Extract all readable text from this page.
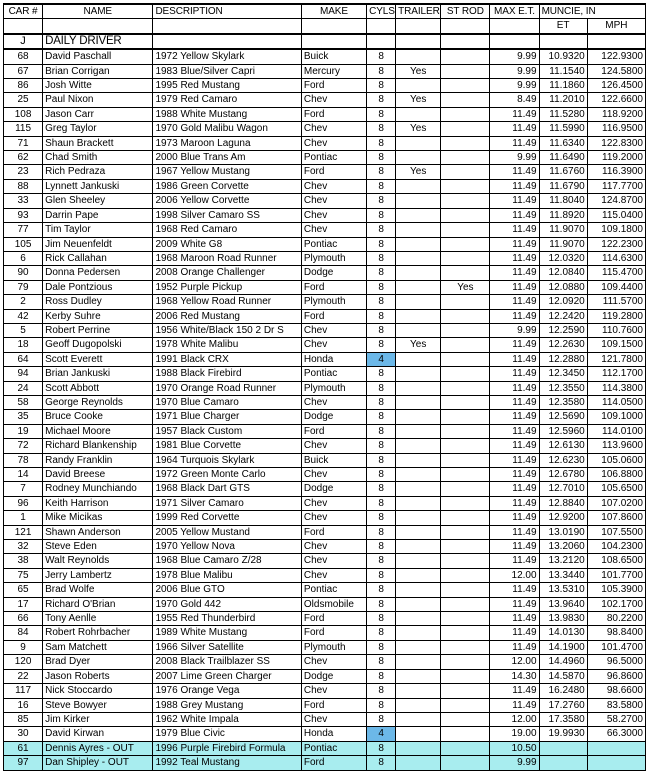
CAR #	NAME	DESCRIPTION	MAKE	CYLS	TRAILER	ST ROD	MAX E.T.	MUNCIE, IN	
								ET	MPH
J	DAILY DRIVER								
68	David Paschall	1972 Yellow Skylark	Buick	8			9.99	10.9320	122.9300
67	Brian Corrigan	1983 Blue/Silver Capri	Mercury	8	Yes		9.99	11.1540	124.5800
86	Josh Witte	1995 Red Mustang	Ford	8			9.99	11.1860	126.4500
25	Paul Nixon	1979 Red Camaro	Chev	8	Yes		8.49	11.2010	122.6600
108	Jason Carr	1988 White Mustang	Ford	8			11.49	11.5280	118.9200
115	Greg Taylor	1970 Gold Malibu Wagon	Chev	8	Yes		11.49	11.5990	116.9500
71	Shaun Brackett	1973 Maroon Laguna	Chev	8			11.49	11.6340	122.8300
62	Chad Smith	2000 Blue Trans Am	Pontiac	8			9.99	11.6490	119.2000
23	Rich Pedraza	1967 Yellow Mustang	Ford	8	Yes		11.49	11.6760	116.3900
88	Lynnett Jankuski	1986 Green Corvette	Chev	8			11.49	11.6790	117.7700
33	Glen Sheeley	2006 Yellow Corvette	Chev	8			11.49	11.8040	124.8700
93	Darrin Pape	1998 Silver Camaro SS	Chev	8			11.49	11.8920	115.0400
77	Tim Taylor	1968 Red Camaro	Chev	8			11.49	11.9070	109.1800
105	Jim Neuenfeldt	2009 White G8	Pontiac	8			11.49	11.9070	122.2300
6	Rick Callahan	1968 Maroon Road Runner	Plymouth	8			11.49	12.0320	114.6300
90	Donna Pedersen	2008 Orange Challenger	Dodge	8			11.49	12.0840	115.4700
79	Dale Pontzious	1952 Purple Pickup	Ford	8		Yes	11.49	12.0880	109.4400
2	Ross Dudley	1968 Yellow Road Runner	Plymouth	8			11.49	12.0920	111.5700
42	Kerby Suhre	2006 Red Mustang	Ford	8			11.49	12.2420	119.2800
5	Robert Perrine	1956 White/Black 150 2 Dr S	Chev	8			9.99	12.2590	110.7600
18	Geoff Dugopolski	1978 White Malibu	Chev	8	Yes		11.49	12.2630	109.1500
64	Scott Everett	1991 Black CRX	Honda	4			11.49	12.2880	121.7800
94	Brian Jankuski	1988 Black Firebird	Pontiac	8			11.49	12.3450	112.1700
24	Scott Abbott	1970 Orange Road Runner	Plymouth	8			11.49	12.3550	114.3800
58	George Reynolds	1970 Blue Camaro	Chev	8			11.49	12.3580	114.0500
35	Bruce Cooke	1971 Blue Charger	Dodge	8			11.49	12.5690	109.1000
19	Michael Moore	1957 Black Custom	Ford	8			11.49	12.5960	114.0100
72	Richard Blankenship	1981 Blue Corvette	Chev	8			11.49	12.6130	113.9600
78	Randy Franklin	1964 Turquois Skylark	Buick	8			11.49	12.6230	105.0600
14	David Breese	1972 Green Monte Carlo	Chev	8			11.49	12.6780	106.8800
7	Rodney Munchiando	1968 Black Dart GTS	Dodge	8			11.49	12.7010	105.6500
96	Keith Harrison	1971 Silver Camaro	Chev	8			11.49	12.8840	107.0200
1	Mike Micikas	1999 Red Corvette	Chev	8			11.49	12.9200	107.8600
121	Shawn Anderson	2005 Yellow Mustand	Ford	8			11.49	13.0190	107.5500
32	Steve Eden	1970 Yellow Nova	Chev	8			11.49	13.2060	104.2300
38	Walt Reynolds	1968 Blue Camaro Z/28	Chev	8			11.49	13.2120	108.6500
75	Jerry Lambertz	1978 Blue Malibu	Chev	8			12.00	13.3440	101.7700
65	Brad Wolfe	2006 Blue GTO	Pontiac	8			11.49	13.5310	105.3900
17	Richard O'Brian	1970 Gold 442	Oldsmobile	8			11.49	13.9640	102.1700
66	Tony Aenlle	1955 Red Thunderbird	Ford	8			11.49	13.9830	80.2200
84	Robert Rohrbacher	1989 White Mustang	Ford	8			11.49	14.0130	98.8400
9	Sam Matchett	1966 Silver Satellite	Plymouth	8			11.49	14.1900	101.4700
120	Brad Dyer	2008 Black Trailblazer SS	Chev	8			12.00	14.4960	96.5000
22	Jason Roberts	2007 Lime Green Charger	Dodge	8			14.30	14.5870	96.8600
117	Nick Stoccardo	1976 Orange Vega	Chev	8			11.49	16.2480	98.6600
16	Steve Bowyer	1988 Grey Mustang	Ford	8			11.49	17.2760	83.5800
85	Jim Kirker	1962 White Impala	Chev	8			12.00	17.3580	58.2700
30	David Kirwan	1979 Blue Civic	Honda	4			19.00	19.9930	66.3000
61	Dennis Ayres - OUT	1996 Purple Firebird Formula	Pontiac	8			10.50		
97	Dan Shipley - OUT	1992 Teal Mustang	Ford	8			9.99		
